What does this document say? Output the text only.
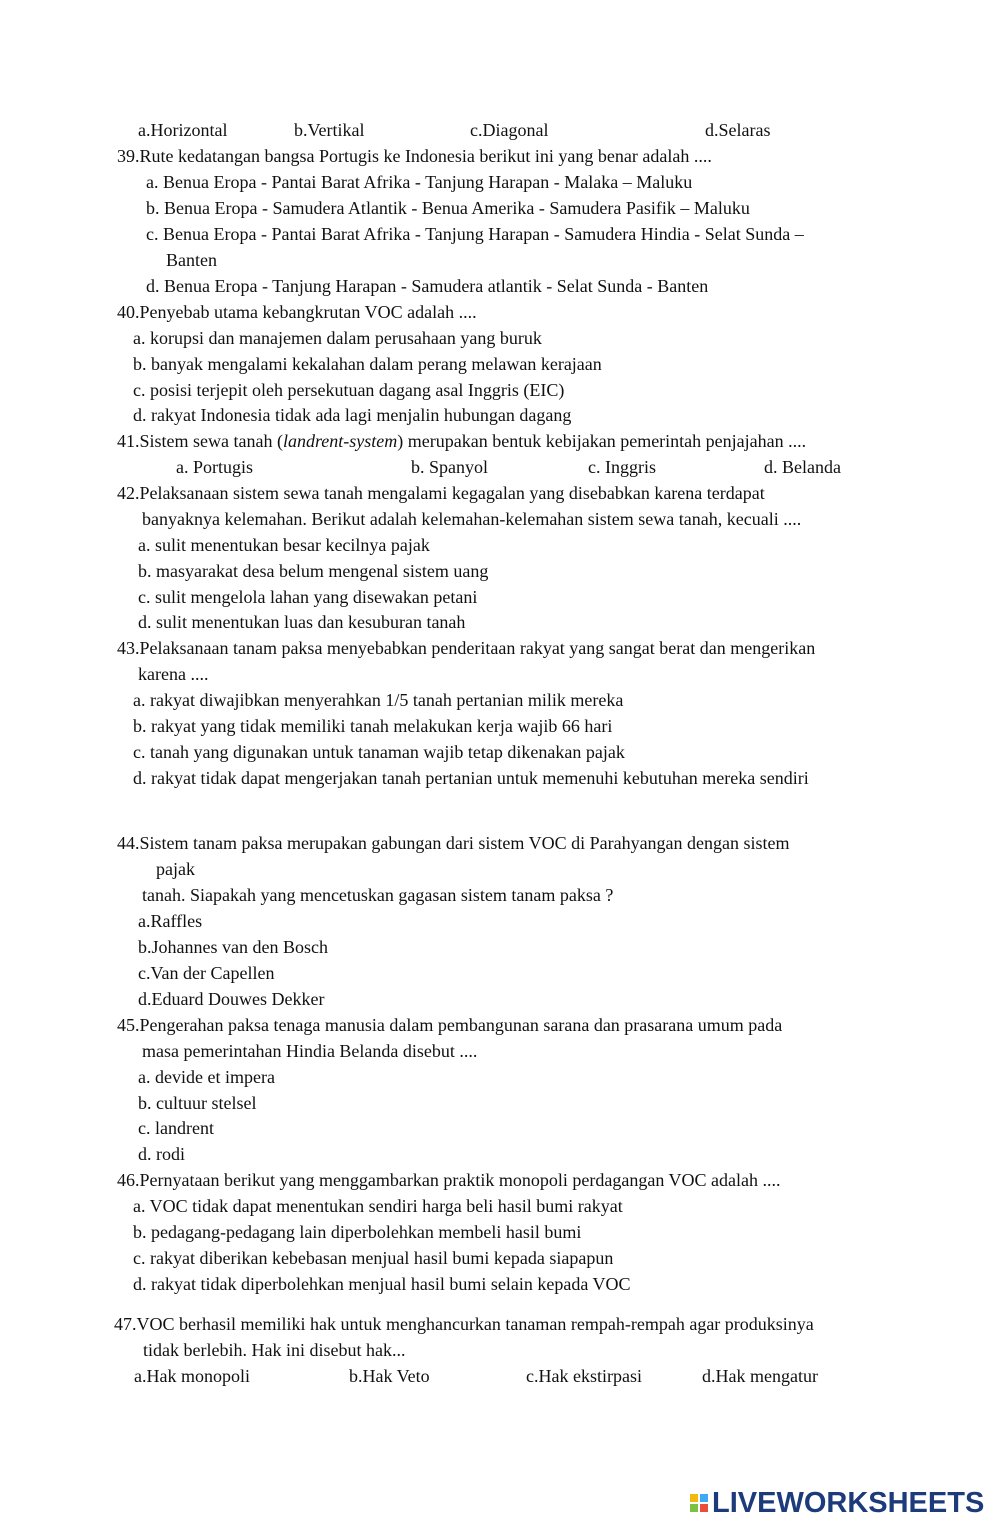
a.Horizontal	b.Vertikal	c.Diagonal	d.Selaras
39.Rute kedatangan bangsa Portugis ke Indonesia berikut ini yang benar adalah ....
a. Benua Eropa - Pantai Barat Afrika - Tanjung Harapan - Malaka – Maluku
b. Benua Eropa - Samudera Atlantik - Benua Amerika - Samudera Pasifik – Maluku
c. Benua Eropa - Pantai Barat Afrika - Tanjung Harapan - Samudera Hindia - Selat Sunda –
Banten
d. Benua Eropa - Tanjung Harapan - Samudera atlantik - Selat Sunda - Banten
40.Penyebab utama kebangkrutan VOC adalah ....
a. korupsi dan manajemen dalam perusahaan yang buruk
b. banyak mengalami kekalahan dalam perang melawan kerajaan
c. posisi terjepit oleh persekutuan dagang asal Inggris (EIC)
d. rakyat Indonesia tidak ada lagi menjalin hubungan dagang
41.Sistem sewa tanah (landrent-system) merupakan bentuk kebijakan pemerintah penjajahan ....
a. Portugis	b. Spanyol	c. Inggris	d. Belanda
42.Pelaksanaan sistem sewa tanah mengalami kegagalan yang disebabkan karena terdapat
banyaknya kelemahan. Berikut adalah kelemahan-kelemahan sistem sewa tanah, kecuali ....
a. sulit menentukan besar kecilnya pajak
b. masyarakat desa belum mengenal sistem uang
c. sulit mengelola lahan yang disewakan petani
d. sulit menentukan luas dan kesuburan tanah
43.Pelaksanaan tanam paksa menyebabkan penderitaan rakyat yang sangat berat dan mengerikan
karena ....
a. rakyat diwajibkan menyerahkan 1/5 tanah pertanian milik mereka
b. rakyat yang tidak memiliki tanah melakukan kerja wajib 66 hari
c. tanah yang digunakan untuk tanaman wajib tetap dikenakan pajak
d. rakyat tidak dapat mengerjakan tanah pertanian untuk memenuhi kebutuhan mereka sendiri
44.Sistem tanam paksa merupakan gabungan dari sistem VOC di Parahyangan dengan sistem
pajak
tanah. Siapakah yang mencetuskan gagasan sistem tanam paksa ?
a.Raffles
b.Johannes van den Bosch
c.Van der Capellen
d.Eduard Douwes Dekker
45.Pengerahan paksa tenaga manusia dalam pembangunan sarana dan prasarana umum pada
masa pemerintahan Hindia Belanda disebut ....
a. devide et impera
b. cultuur stelsel
c. landrent
d. rodi
46.Pernyataan berikut yang menggambarkan praktik monopoli perdagangan VOC adalah ....
a. VOC tidak dapat menentukan sendiri harga beli hasil bumi rakyat
b. pedagang-pedagang lain diperbolehkan membeli hasil bumi
c. rakyat diberikan kebebasan menjual hasil bumi kepada siapapun
d. rakyat tidak diperbolehkan menjual hasil bumi selain kepada VOC
47.VOC berhasil memiliki hak untuk menghancurkan tanaman rempah-rempah agar produksinya
tidak berlebih. Hak ini disebut hak...
a.Hak monopoli	b.Hak Veto	c.Hak ekstirpasi	d.Hak mengatur
LIVEWORKSHEETS
